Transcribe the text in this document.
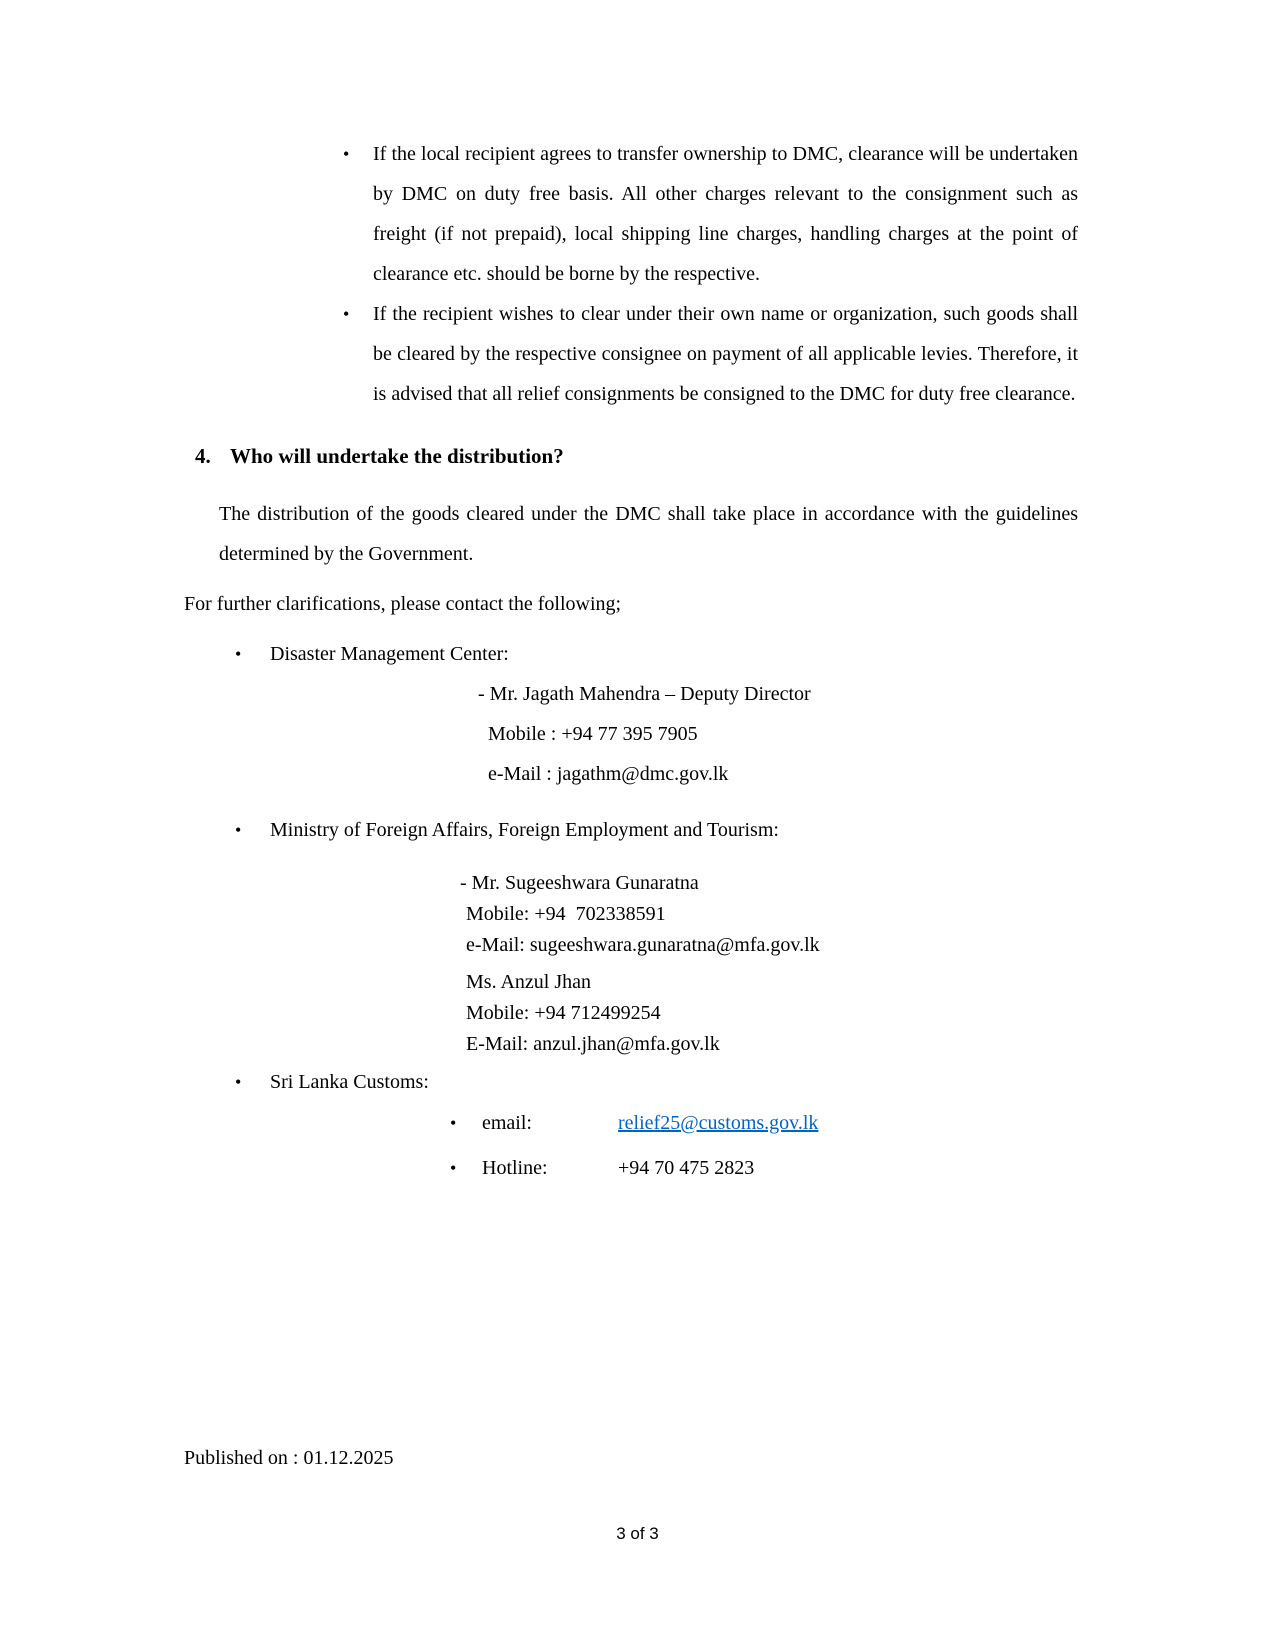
•	If the local recipient agrees to transfer ownership to DMC, clearance will be undertaken by DMC on duty free basis. All other charges relevant to the consignment such as freight (if not prepaid), local shipping line charges, handling charges at the point of clearance etc. should be borne by the respective.
•	If the recipient wishes to clear under their own name or organization, such goods shall be cleared by the respective consignee on payment of all applicable levies. Therefore, it is advised that all relief consignments be consigned to the DMC for duty free clearance.
4. Who will undertake the distribution?
The distribution of the goods cleared under the DMC shall take place in accordance with the guidelines determined by the Government.
For further clarifications, please contact the following;
•	Disaster Management Center:
- Mr. Jagath Mahendra – Deputy Director
Mobile : +94 77 395 7905
e-Mail : jagathm@dmc.gov.lk
•	Ministry of Foreign Affairs, Foreign Employment and Tourism:
- Mr. Sugeeshwara Gunaratna
Mobile: +94  702338591
e-Mail: sugeeshwara.gunaratna@mfa.gov.lk
Ms. Anzul Jhan
Mobile: +94 712499254
E-Mail: anzul.jhan@mfa.gov.lk
•	Sri Lanka Customs:
•	email:	relief25@customs.gov.lk
•	Hotline:	+94 70 475 2823
Published on : 01.12.2025
3 of 3
